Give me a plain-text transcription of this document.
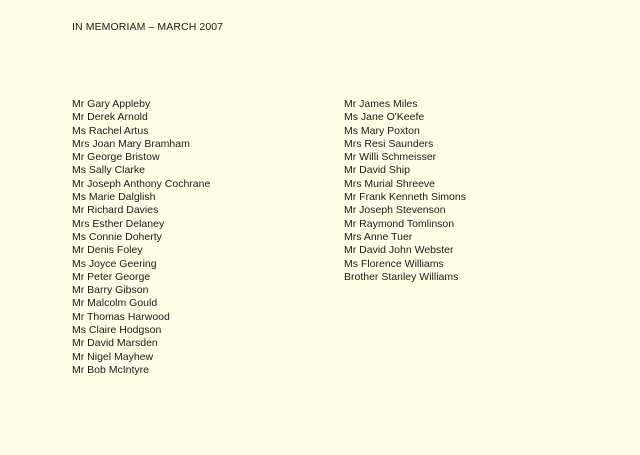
IN MEMORIAM – MARCH 2007
Mr Gary Appleby
Mr Derek Arnold
Ms Rachel Artus
Mrs Joan Mary Bramham
Mr George Bristow
Ms Sally Clarke
Mr Joseph Anthony Cochrane
Ms Marie Dalglish
Mr Richard Davies
Mrs Esther Delaney
Ms Connie Doherty
Mr Denis Foley
Ms Joyce Geering
Mr Peter George
Mr Barry Gibson
Mr Malcolm Gould
Mr Thomas Harwood
Ms Claire Hodgson
Mr David Marsden
Mr Nigel Mayhew
Mr Bob McIntyre
Mr James Miles
Ms Jane O'Keefe
Ms Mary Poxton
Mrs Resi Saunders
Mr Willi Schmeisser
Mr David Ship
Mrs Murial Shreeve
Mr Frank Kenneth Simons
Mr Joseph Stevenson
Mr Raymond Tomlinson
Mrs Anne Tuer
Mr David John Webster
Ms Florence Williams
Brother Stanley Williams
